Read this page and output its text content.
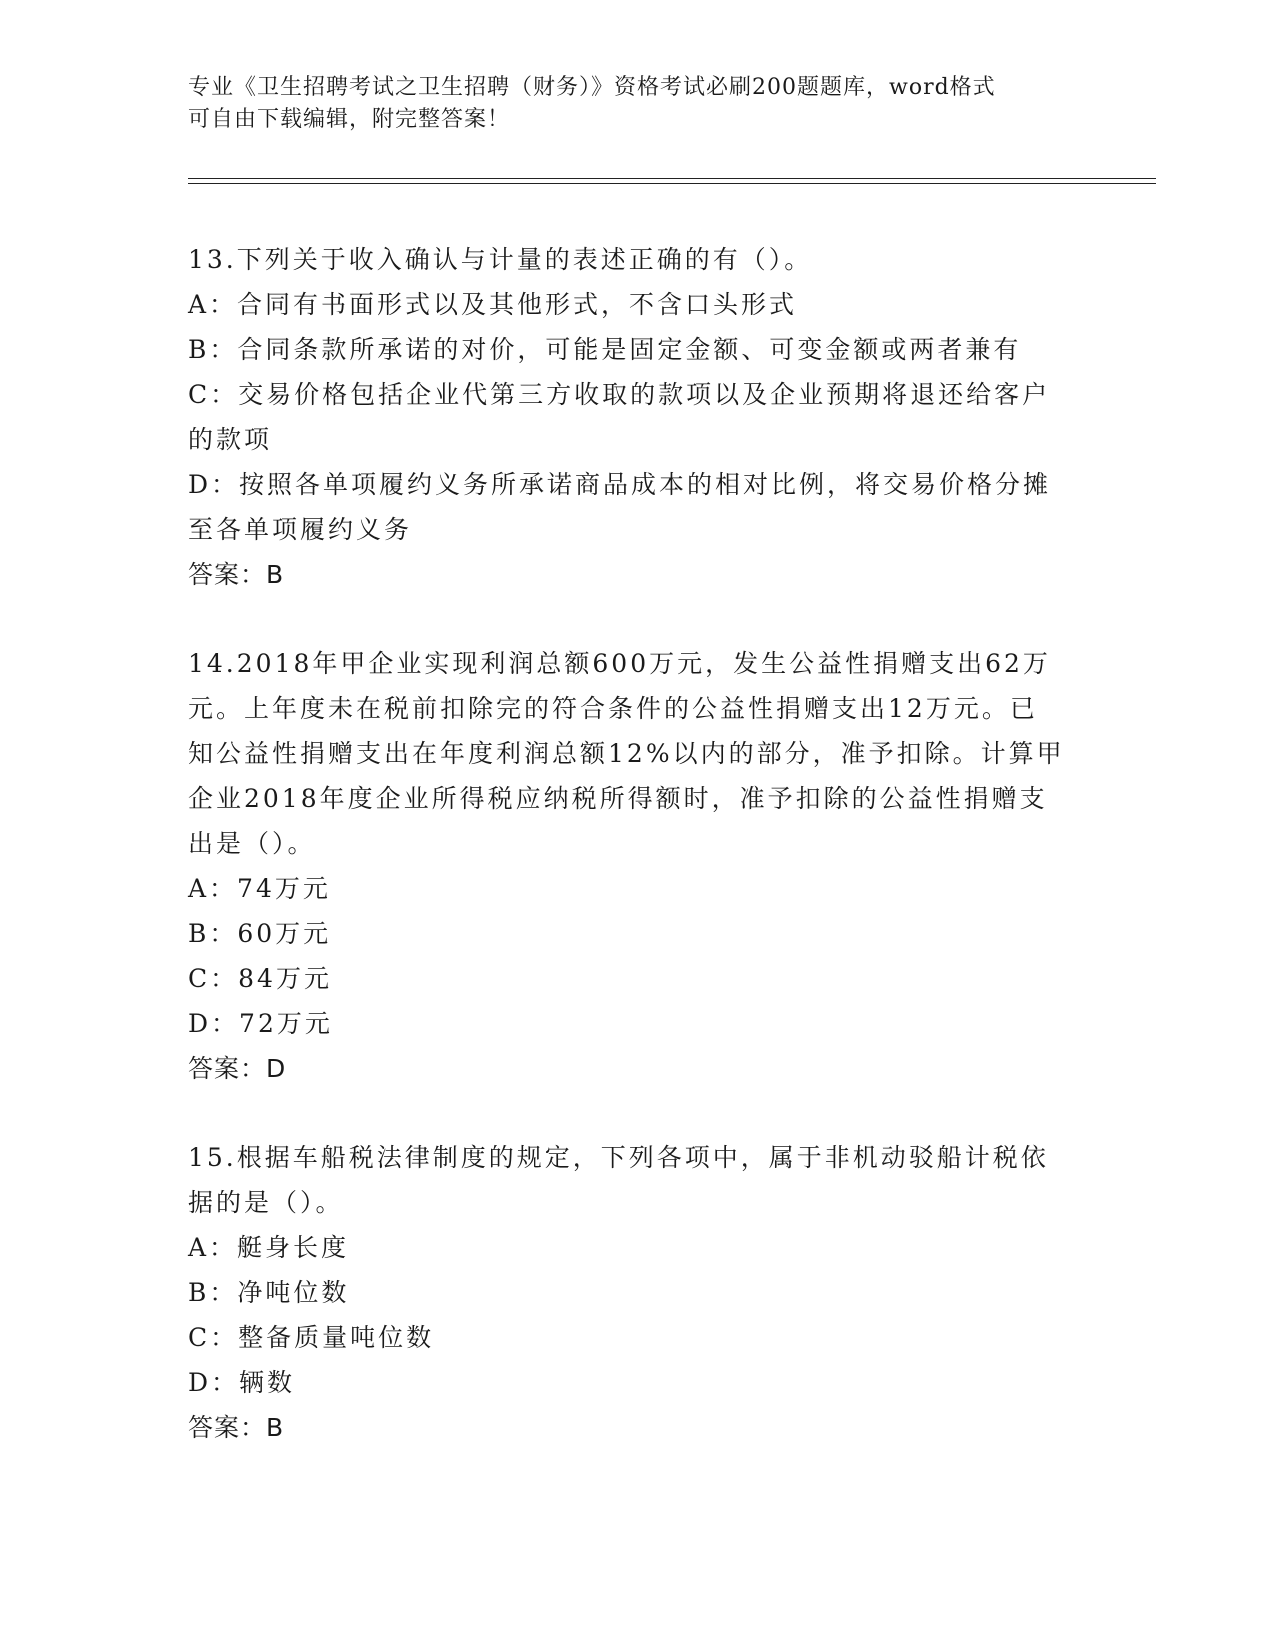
专业《卫生招聘考试之卫生招聘（财务）》资格考试必刷200题题库，word格式
可自由下载编辑，附完整答案！
13.下列关于收入确认与计量的表述正确的有（）。
A：合同有书面形式以及其他形式，不含口头形式
B：合同条款所承诺的对价，可能是固定金额、可变金额或两者兼有
C：交易价格包括企业代第三方收取的款项以及企业预期将退还给客户
的款项
D：按照各单项履约义务所承诺商品成本的相对比例，将交易价格分摊
至各单项履约义务
答案：B
14.2018年甲企业实现利润总额600万元，发生公益性捐赠支出62万
元。上年度未在税前扣除完的符合条件的公益性捐赠支出12万元。已
知公益性捐赠支出在年度利润总额12%以内的部分，准予扣除。计算甲
企业2018年度企业所得税应纳税所得额时，准予扣除的公益性捐赠支
出是（）。
A：74万元
B：60万元
C：84万元
D：72万元
答案：D
15.根据车船税法律制度的规定，下列各项中，属于非机动驳船计税依
据的是（）。
A：艇身长度
B：净吨位数
C：整备质量吨位数
D：辆数
答案：B
